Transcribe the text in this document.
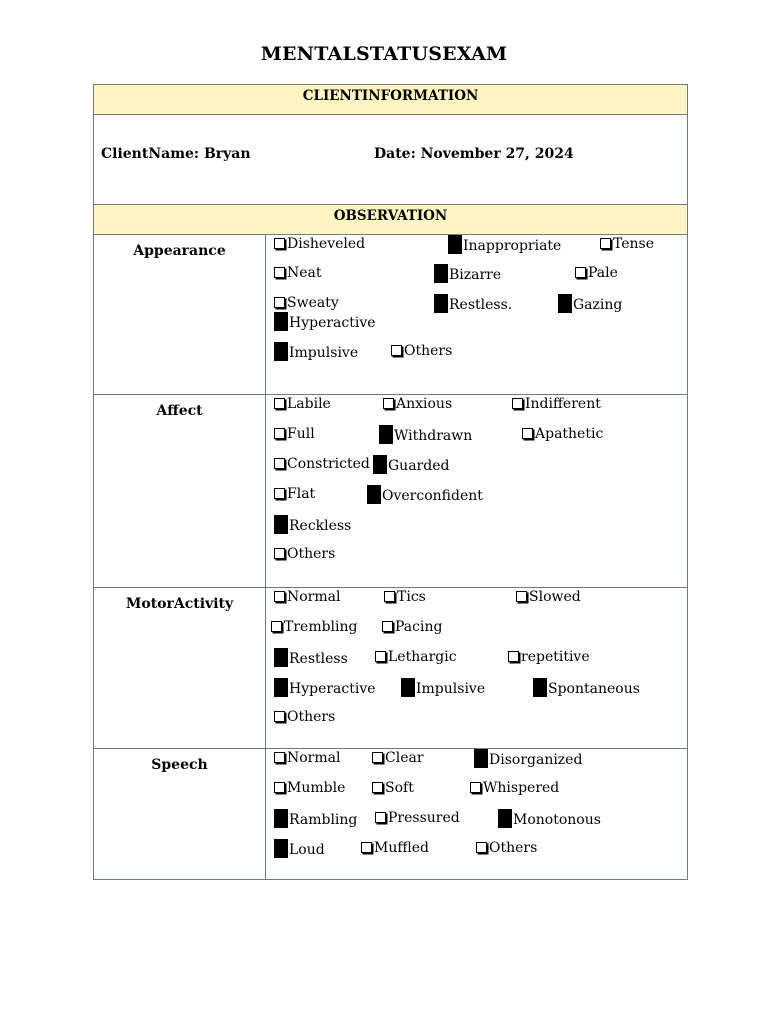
MENTALSTATUSEXAM
CLIENTINFORMATION
ClientName: Bryan	Date: November 27, 2024
OBSERVATION
Appearance	Disheveled	Inappropriate	Tense
Neat	Bizarre	Pale
Sweaty	Restless.	Gazing
Hyperactive
Impulsive	Others
Affect	Labile	Anxious	Indifferent
Full	Withdrawn	Apathetic
Constricted	Guarded
Flat	Overconfident
Reckless
Others
MotorActivity	Normal	Tics	Slowed
Trembling	Pacing
Restless	Lethargic	repetitive
Hyperactive	Impulsive	Spontaneous
Others
Speech	Normal	Clear	Disorganized
Mumble	Soft	Whispered
Rambling	Pressured	Monotonous
Loud	Muffled	Others
